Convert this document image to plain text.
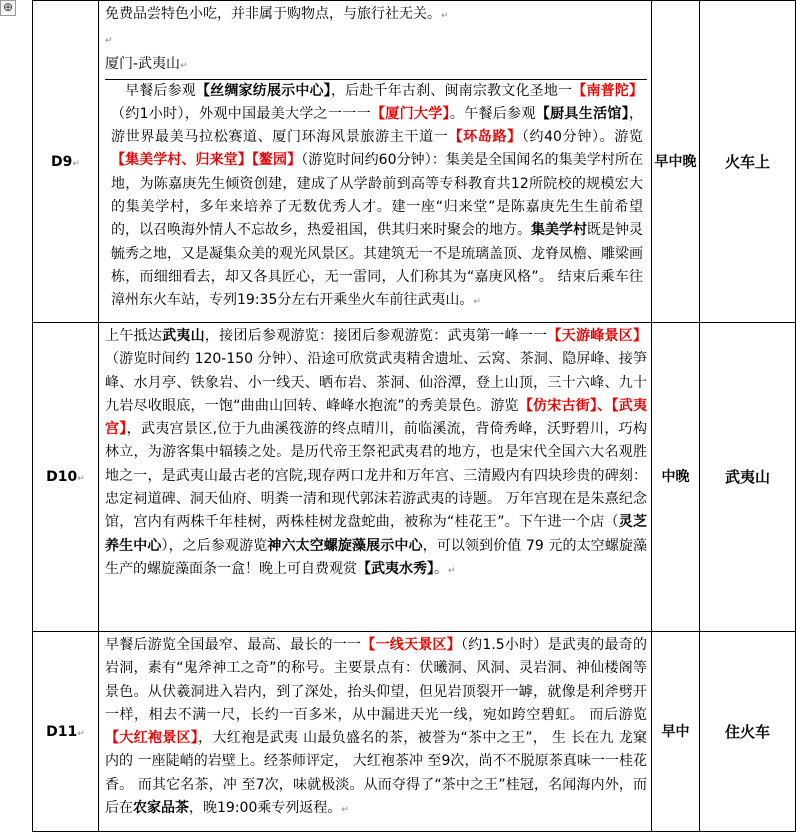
⊕
D9↵	免费品尝特色小吃，并非属于购物点，与旅行社无关。↵

↵

厦门-武夷山↵

早餐后参观【丝绸家纺展示中心】，后赴千年古刹、闽南宗教文化圣地一【南普陀】（约1小时），外观中国最美大学之一一一【厦门大学】。午餐后参观【厨具生活馆】，游世界最美马拉松赛道、厦门环海风景旅游主干道一【环岛路】（约40分钟）。游览【集美学村、归来堂】【鳌园】（游览时间约60分钟）：集美是全国闻名的集美学村所在地，为陈嘉庚先生倾资创建，建成了从学龄前到高等专科教育共12所院校的规模宏大的集美学村，多年来培养了无数优秀人才。建一座“归来堂”是陈嘉庚先生生前希望的，以召唤海外情人不忘故乡，热爱祖国，供其归来时聚会的地方。集美学村既是钟灵毓秀之地，又是凝集众美的观光风景区。其建筑无一不是琉璃盖顶、龙脊凤檐、雕梁画栋，而细细看去，却又各具匠心，无一雷同，人们称其为“嘉庚风格”。 结束后乘车往漳州东火车站，专列19:35分左右开乘坐火车前往武夷山。↵	早中晚	火车上
D10↵	上午抵达武夷山，接团后参观游览：接团后参观游览：武夷第一峰一一【天游峰景区】（游览时间约 120-150 分钟）、沿途可欣赏武夷精舍遗址、云窝、茶洞、隐屏峰、接笋峰、水月亭、铁象岩、小一线天、晒布岩、茶洞、仙浴潭，登上山顶，三十六峰、九十九岩尽收眼底，一饱“曲曲山回转、峰峰水抱流”的秀美景色。游览【仿宋古街】、【武夷宫】，武夷宫景区,位于九曲溪筏游的终点晴川，前临溪流，背倚秀峰，沃野碧川，巧构林立，为游客集中辐辏之处。是历代帝王祭祀武夷君的地方，也是宋代全国六大名观胜地之一，是武夷山最古老的宫院,现存两口龙井和万年宫、三清殿内有四块珍贵的碑刻：忠定祠道碑、洞天仙府、明粪一清和现代郭沫若游武夷的诗题。 万年宫现在是朱熹纪念馆，宫内有两株千年桂树，两株桂树龙盘蛇曲，被称为“桂花王”。下午进一个店（灵芝养生中心），之后参观游览神六太空螺旋藻展示中心，可以领到价值 79 元的太空螺旋藻生产的螺旋藻面条一盒！晚上可自费观赏【武夷水秀】。↵	中晚	武夷山
D11↵	早餐后游览全国最窄、最高、最长的一一【一线天景区】（约1.5小时）是武夷的最奇的岩洞，素有“鬼斧神工之奇”的称号。主要景点有：伏曦洞、风洞、灵岩洞、神仙楼阁等景色。从伏羲洞进入岩内，到了深处，抬头仰望，但见岩顶裂开一罅，就像是利斧劈开一样，相去不满一尺，长约一百多米，从中漏进天光一线，宛如跨空碧虹。 而后游览【大红袍景区】，大红袍是武夷 山最负盛名的茶，被誉为“茶中之王”， 生 长在九 龙窠内的 一座陡峭的岩壁上。经茶师评定， 大红袍茶冲 至9次，尚不不脱原茶真味一一桂花香。 而其它名茶，冲 至7次，味就极淡。从而夺得了“茶中之王”桂冠，名闻海内外，而后在农家品茶，晚19:00乘专列返程。↵	早中	住火车
